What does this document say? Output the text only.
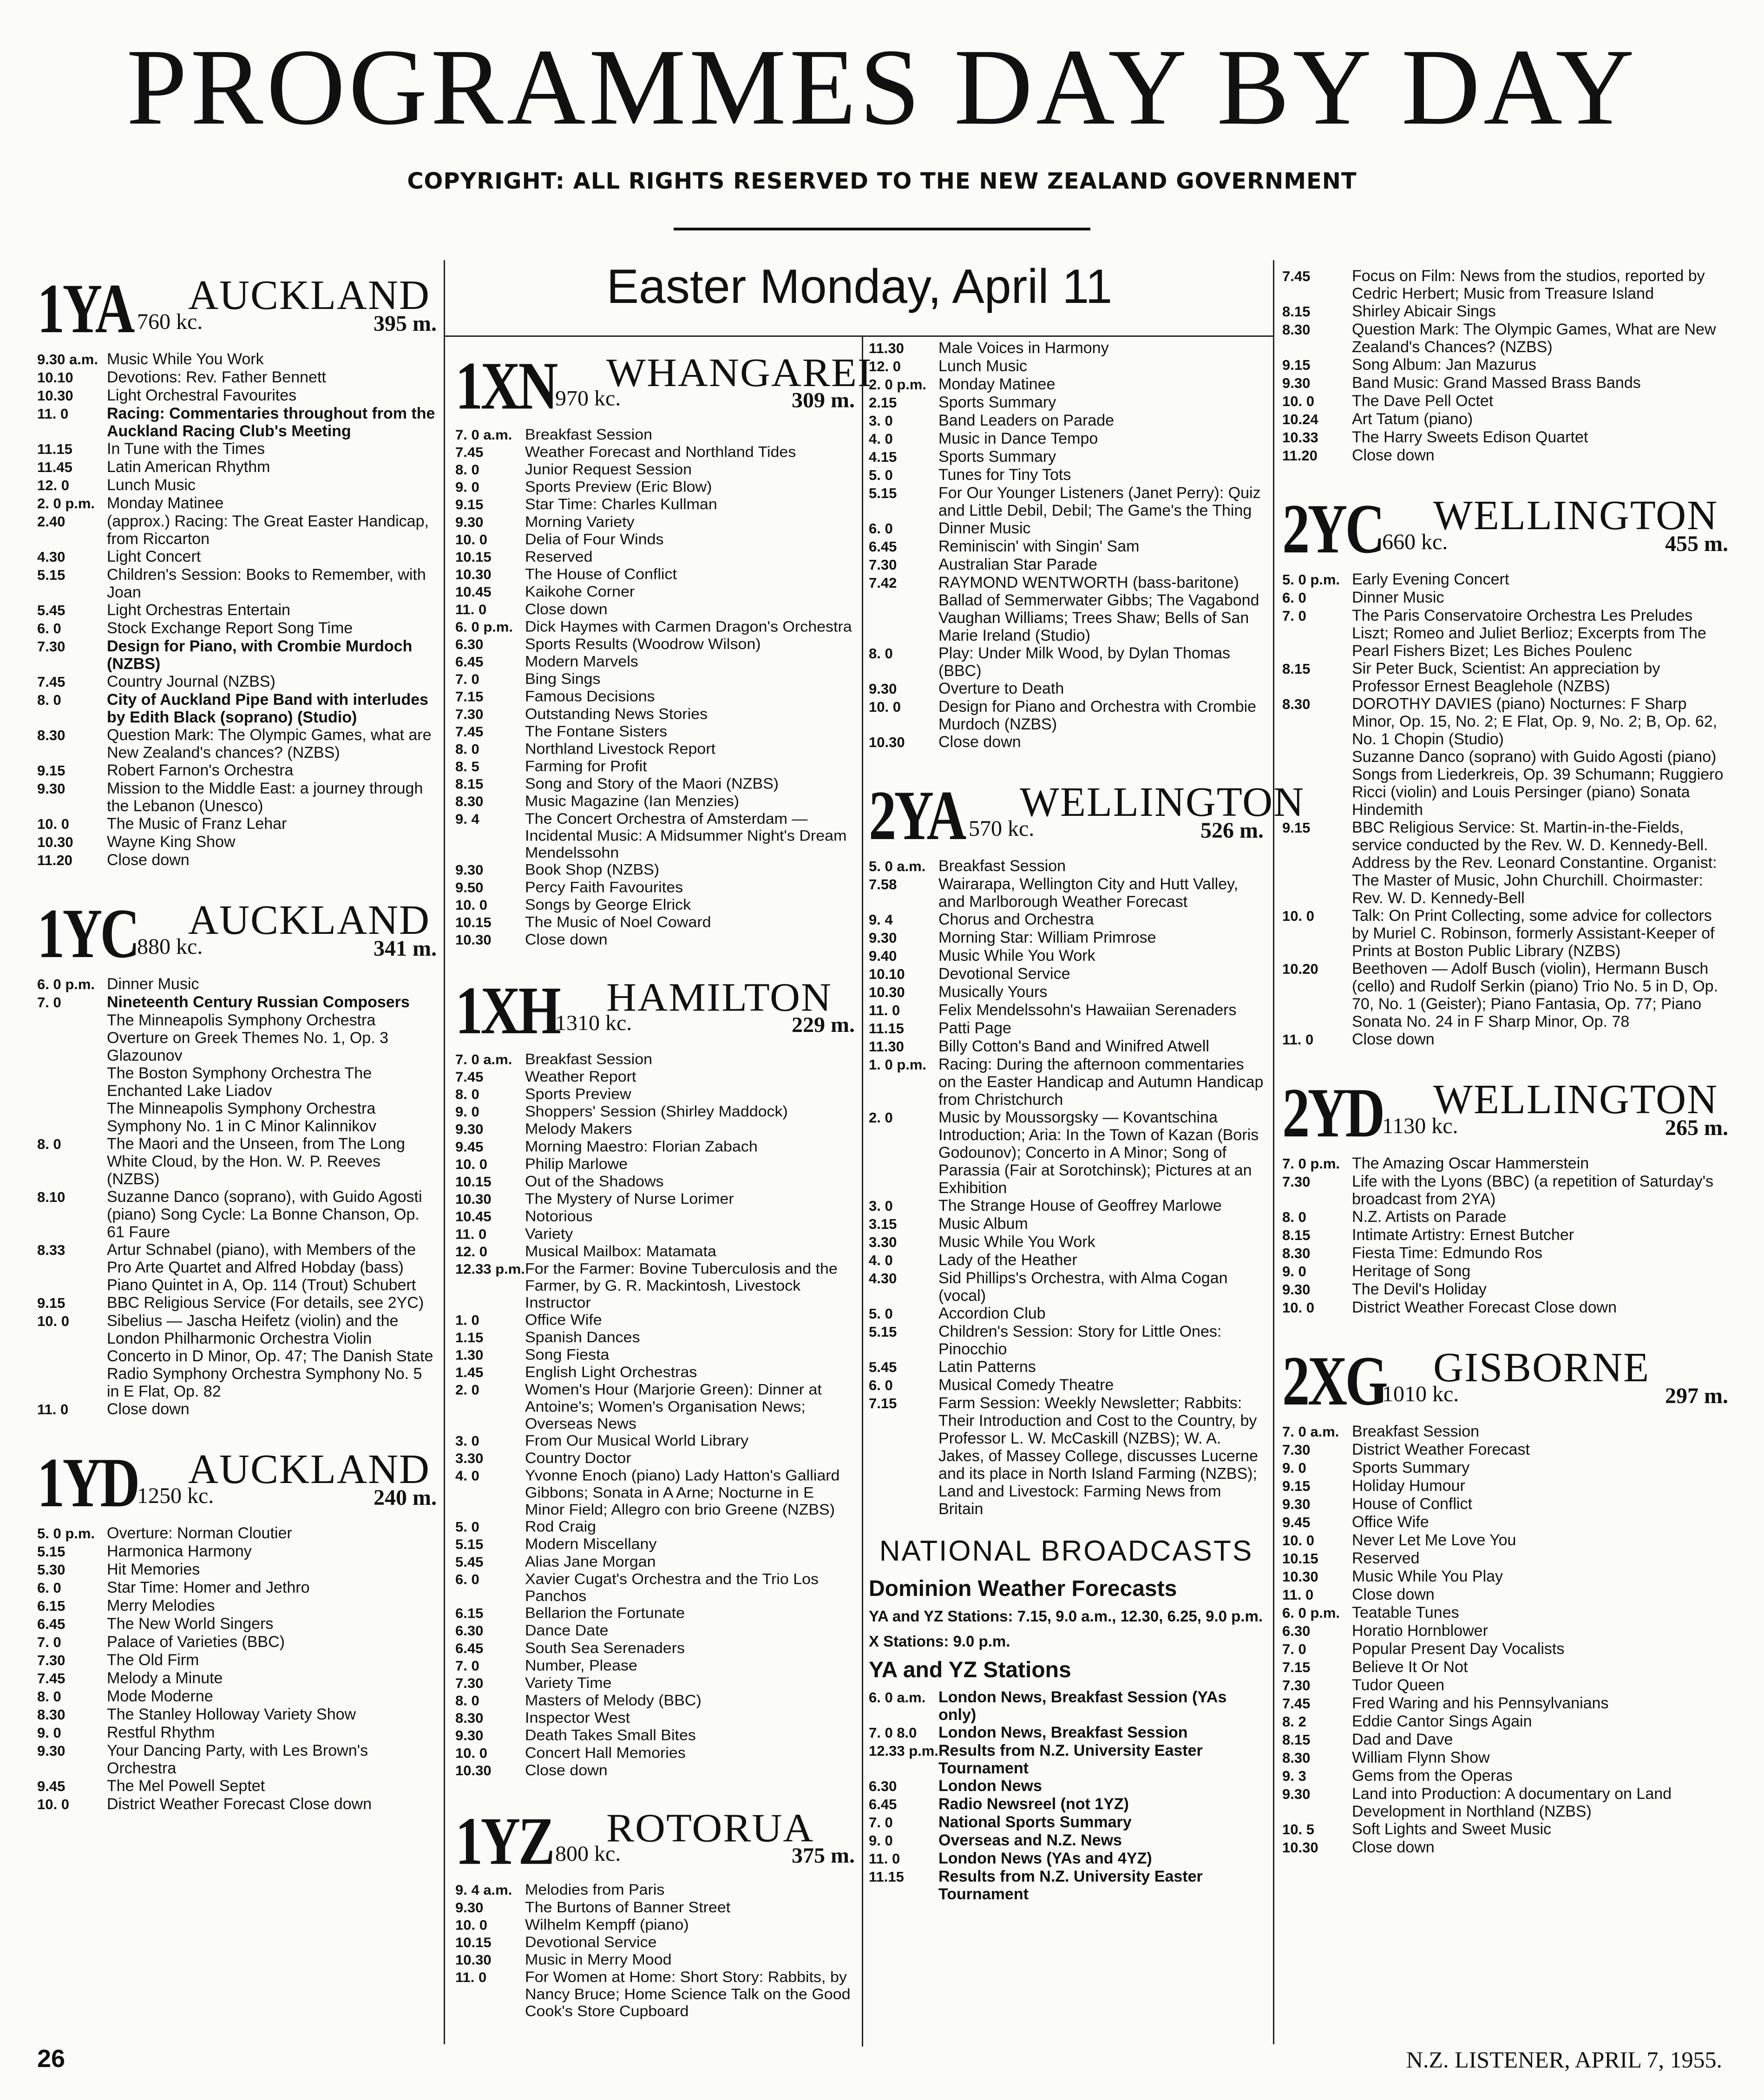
PROGRAMMES DAY BY DAY
COPYRIGHT: ALL RIGHTS RESERVED TO THE NEW ZEALAND GOVERNMENT
Easter Monday, April 11
1YA 760 kc.
AUCKLAND
395 m.
9.30 a.m. Music While You Work
10.10	Devotions: Rev. Father Bennett
10.30	Light Orchestral Favourites
11. 0	Racing: Commentaries throughout from the Auckland Racing Club's Meeting
11.15	In Tune with the Times
11.45	Latin American Rhythm
12. 0	Lunch Music
2. 0 p.m. Monday Matinee
2.40	(approx.) Racing: The Great Easter Handicap, from Riccarton
4.30	Light Concert
5.15	Children's Session: Books to Remember, with Joan
5.45	Light Orchestras Entertain
6. 0	Stock Exchange Report Song Time
7.30	Design for Piano, with Crombie Murdoch (NZBS)
7.45	Country Journal (NZBS)
8. 0	City of Auckland Pipe Band with interludes by Edith Black (soprano) (Studio)
8.30	Question Mark: The Olympic Games, what are New Zealand's chances? (NZBS)
9.15	Robert Farnon's Orchestra
9.30	Mission to the Middle East: a journey through the Lebanon (Unesco)
10. 0	The Music of Franz Lehar
10.30	Wayne King Show
11.20	Close down
1YC
880 kc.
AUCKLAND
341 m.
6. 0 p.m. Dinner Music
7. 0	Nineteenth Century Russian Composers
The Minneapolis Symphony Orchestra Overture on Greek Themes No. 1, Op. 3 Glazounov
The Boston Symphony Orchestra The Enchanted Lake Liadov
The Minneapolis Symphony Orchestra Symphony No. 1 in C Minor Kalinnikov
8. 0	The Maori and the Unseen, from The Long White Cloud, by the Hon. W. P. Reeves (NZBS)
8.10	Suzanne Danco (soprano), with Guido Agosti (piano) Song Cycle: La Bonne Chanson, Op. 61 Faure
8.33	Artur Schnabel (piano), with Members of the Pro Arte Quartet and Alfred Hobday (bass) Piano Quintet in A, Op. 114 (Trout) Schubert
9.15	BBC Religious Service (For details, see 2YC)
10. 0	Sibelius — Jascha Heifetz (violin) and the London Philharmonic Orchestra Violin Concerto in D Minor, Op. 47; The Danish State Radio Symphony Orchestra Symphony No. 5 in E Flat, Op. 82
11. 0	Close down
1YD
1250 kc.
AUCKLAND
240 m.
5. 0 p.m. Overture: Norman Cloutier
5.15	Harmonica Harmony
5.30	Hit Memories
6. 0	Star Time: Homer and Jethro
6.15	Merry Melodies
6.45	The New World Singers
7. 0	Palace of Varieties (BBC)
7.30	The Old Firm
7.45	Melody a Minute
8. 0	Mode Moderne
8.30	The Stanley Holloway Variety Show
9. 0	Restful Rhythm
9.30	Your Dancing Party, with Les Brown's Orchestra
9.45	The Mel Powell Septet
10. 0	District Weather Forecast Close down
1XN
970 kc.
WHANGAREI
309 m.
7. 0 a.m. Breakfast Session
7.45	Weather Forecast and Northland Tides
8. 0	Junior Request Session
9. 0	Sports Preview (Eric Blow)
9.15	Star Time: Charles Kullman
9.30	Morning Variety
10. 0	Delia of Four Winds
10.15	Reserved
10.30	The House of Conflict
10.45	Kaikohe Corner
11. 0	Close down
6. 0 p.m. Dick Haymes with Carmen Dragon's Orchestra
6.30	Sports Results (Woodrow Wilson)
6.45	Modern Marvels
7. 0	Bing Sings
7.15	Famous Decisions
7.30	Outstanding News Stories
7.45	The Fontane Sisters
8. 0	Northland Livestock Report
8. 5	Farming for Profit
8.15	Song and Story of the Maori (NZBS)
8.30	Music Magazine (Ian Menzies)
9. 4	The Concert Orchestra of Amsterdam — Incidental Music: A Midsummer Night's Dream Mendelssohn
9.30	Book Shop (NZBS)
9.50	Percy Faith Favourites
10. 0	Songs by George Elrick
10.15	The Music of Noel Coward
10.30	Close down
1XH
1310 kc.
HAMILTON
229 m.
7. 0 a.m. Breakfast Session
7.45	Weather Report
8. 0	Sports Preview
9. 0	Shoppers' Session (Shirley Maddock)
9.30	Melody Makers
9.45	Morning Maestro: Florian Zabach
10. 0	Philip Marlowe
10.15	Out of the Shadows
10.30	The Mystery of Nurse Lorimer
10.45	Notorious
11. 0	Variety
12. 0	Musical Mailbox: Matamata
12.33 p.m. For the Farmer: Bovine Tuberculosis and the Farmer, by G. R. Mackintosh, Livestock Instructor
1. 0	Office Wife
1.15	Spanish Dances
1.30	Song Fiesta
1.45	English Light Orchestras
2. 0	Women's Hour (Marjorie Green): Dinner at Antoine's; Women's Organisation News; Overseas News
3. 0	From Our Musical World Library
3.30	Country Doctor
4. 0	Yvonne Enoch (piano) Lady Hatton's Galliard Gibbons; Sonata in A Arne; Nocturne in E Minor Field; Allegro con brio Greene (NZBS)
5. 0	Rod Craig
5.15	Modern Miscellany
5.45	Alias Jane Morgan
6. 0	Xavier Cugat's Orchestra and the Trio Los Panchos
6.15	Bellarion the Fortunate
6.30	Dance Date
6.45	South Sea Serenaders
7. 0	Number, Please
7.30	Variety Time
8. 0	Masters of Melody (BBC)
8.30	Inspector West
9.30	Death Takes Small Bites
10. 0	Concert Hall Memories
10.30	Close down
1YZ 800 kc.
ROTORUA
375 m.
9. 4 a.m. Melodies from Paris
9.30	The Burtons of Banner Street
10. 0	Wilhelm Kempff (piano)
10.15	Devotional Service
10.30	Music in Merry Mood
11. 0	For Women at Home: Short Story: Rabbits, by Nancy Bruce; Home Science Talk on the Good Cook's Store Cupboard
11.30	Male Voices in Harmony
12. 0	Lunch Music
2. 0 p.m. Monday Matinee
2.15	Sports Summary
3. 0	Band Leaders on Parade
4. 0	Music in Dance Tempo
4.15	Sports Summary
5. 0	Tunes for Tiny Tots
5.15	For Our Younger Listeners (Janet Perry): Quiz and Little Debil, Debil; The Game's the Thing
6. 0	Dinner Music
6.45	Reminiscin' with Singin' Sam
7.30	Australian Star Parade
7.42	RAYMOND WENTWORTH (bass-baritone) Ballad of Semmerwater Gibbs; The Vagabond Vaughan Williams; Trees Shaw; Bells of San Marie Ireland (Studio)
8. 0	Play: Under Milk Wood, by Dylan Thomas (BBC)
9.30	Overture to Death
10. 0	Design for Piano and Orchestra with Crombie Murdoch (NZBS)
10.30	Close down
2YA 570 kc.
WELLINGTON
526 m.
5. 0 a.m. Breakfast Session
7.58	Wairarapa, Wellington City and Hutt Valley, and Marlborough Weather Forecast
9. 4	Chorus and Orchestra
9.30	Morning Star: William Primrose
9.40	Music While You Work
10.10	Devotional Service
10.30	Musically Yours
11. 0	Felix Mendelssohn's Hawaiian Serenaders
11.15	Patti Page
11.30	Billy Cotton's Band and Winifred Atwell
1. 0 p.m. Racing: During the afternoon commentaries on the Easter Handicap and Autumn Handicap from Christchurch
2. 0	Music by Moussorgsky — Kovantschina Introduction; Aria: In the Town of Kazan (Boris Godounov); Concerto in A Minor; Song of Parassia (Fair at Sorotchinsk); Pictures at an Exhibition
3. 0	The Strange House of Geoffrey Marlowe
3.15	Music Album
3.30	Music While You Work
4. 0	Lady of the Heather
4.30	Sid Phillips's Orchestra, with Alma Cogan (vocal)
5. 0	Accordion Club
5.15	Children's Session: Story for Little Ones: Pinocchio
5.45	Latin Patterns
6. 0	Musical Comedy Theatre
7.15	Farm Session: Weekly Newsletter; Rabbits: Their Introduction and Cost to the Country, by Professor L. W. McCaskill (NZBS); W. A. Jakes, of Massey College, discusses Lucerne and its place in North Island Farming (NZBS); Land and Livestock: Farming News from Britain
NATIONAL BROADCASTS
Dominion Weather Forecasts
YA and YZ Stations: 7.15, 9.0 a.m., 12.30, 6.25, 9.0 p.m.
X Stations: 9.0 p.m.
YA and YZ Stations
6. 0 a.m. London News, Breakfast Session (YAs only)
7. 0 8.0	London News, Breakfast Session
12.33 p.m. Results from N.Z. University Easter Tournament
6.30	London News
6.45	Radio Newsreel (not 1YZ)
7. 0	National Sports Summary
9. 0	Overseas and N.Z. News
11. 0	London News (YAs and 4YZ)
11.15	Results from N.Z. University Easter Tournament
7.45	Focus on Film: News from the studios, reported by Cedric Herbert; Music from Treasure Island
8.15	Shirley Abicair Sings
8.30	Question Mark: The Olympic Games, What are New Zealand's Chances? (NZBS)
9.15	Song Album: Jan Mazurus
9.30	Band Music: Grand Massed Brass Bands
10. 0	The Dave Pell Octet
10.24	Art Tatum (piano)
10.33	The Harry Sweets Edison Quartet
11.20	Close down
2YC
660 kc.
WELLINGTON
455 m.
5. 0 p.m. Early Evening Concert
6. 0	Dinner Music
7. 0	The Paris Conservatoire Orchestra Les Preludes Liszt; Romeo and Juliet Berlioz; Excerpts from The Pearl Fishers Bizet; Les Biches Poulenc
8.15	Sir Peter Buck, Scientist: An appreciation by Professor Ernest Beaglehole (NZBS)
8.30	DOROTHY DAVIES (piano) Nocturnes: F Sharp Minor, Op. 15, No. 2; E Flat, Op. 9, No. 2; B, Op. 62, No. 1 Chopin (Studio)
Suzanne Danco (soprano) with Guido Agosti (piano) Songs from Liederkreis, Op. 39 Schumann; Ruggiero Ricci (violin) and Louis Persinger (piano) Sonata Hindemith
9.15	BBC Religious Service: St. Martin-in-the-Fields, service conducted by the Rev. W. D. Kennedy-Bell. Address by the Rev. Leonard Constantine. Organist: The Master of Music, John Churchill. Choirmaster: Rev. W. D. Kennedy-Bell
10. 0	Talk: On Print Collecting, some advice for collectors by Muriel C. Robinson, formerly Assistant-Keeper of Prints at Boston Public Library (NZBS)
10.20	Beethoven — Adolf Busch (violin), Hermann Busch (cello) and Rudolf Serkin (piano) Trio No. 5 in D, Op. 70, No. 1 (Geister); Piano Fantasia, Op. 77; Piano Sonata No. 24 in F Sharp Minor, Op. 78
11. 0	Close down
2YD
1130 kc.
WELLINGTON
265 m.
7. 0 p.m. The Amazing Oscar Hammerstein
7.30	Life with the Lyons (BBC) (a repetition of Saturday's broadcast from 2YA)
8. 0	N.Z. Artists on Parade
8.15	Intimate Artistry: Ernest Butcher
8.30	Fiesta Time: Edmundo Ros
9. 0	Heritage of Song
9.30	The Devil's Holiday
10. 0	District Weather Forecast Close down
2XG
1010 kc.
GISBORNE
297 m.
7. 0 a.m. Breakfast Session
7.30	District Weather Forecast
9. 0	Sports Summary
9.15	Holiday Humour
9.30	House of Conflict
9.45	Office Wife
10. 0	Never Let Me Love You
10.15	Reserved
10.30	Music While You Play
11. 0	Close down
6. 0 p.m. Teatable Tunes
6.30	Horatio Hornblower
7. 0	Popular Present Day Vocalists
7.15	Believe It Or Not
7.30	Tudor Queen
7.45	Fred Waring and his Pennsylvanians
8. 2	Eddie Cantor Sings Again
8.15	Dad and Dave
8.30	William Flynn Show
9. 3	Gems from the Operas
9.30	Land into Production: A documentary on Land Development in Northland (NZBS)
10. 5	Soft Lights and Sweet Music
10.30	Close down
26	N.Z. LISTENER, APRIL 7, 1955.
